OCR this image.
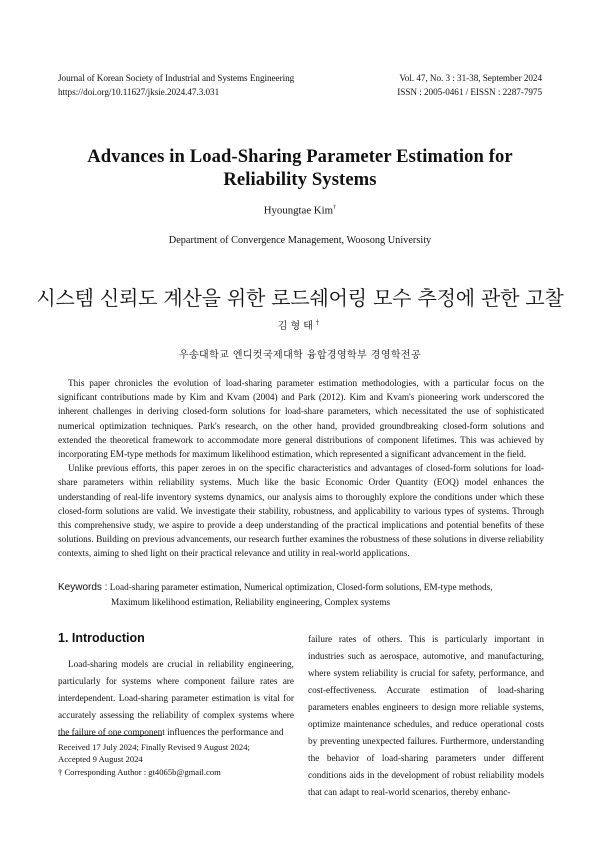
Journal of Korean Society of Industrial and Systems Engineering
https://doi.org/10.11627/jksie.2024.47.3.031
Vol. 47, No. 3 : 31-38, September 2024
ISSN : 2005-0461 / EISSN : 2287-7975
Advances in Load-Sharing Parameter Estimation for
Reliability Systems
Hyoungtae Kim†
Department of Convergence Management, Woosong University
시스템 신뢰도 계산을 위한 로드쉐어링 모수 추정에 관한 고찰
김형태†
우송대학교 엔디컷국제대학 융합경영학부 경영학전공

This paper chronicles the evolution of load-sharing parameter estimation methodologies, with a particular focus on the significant contributions made by Kim and Kvam (2004) and Park (2012). Kim and Kvam's pioneering work underscored the inherent challenges in deriving closed-form solutions for load-share parameters, which necessitated the use of sophisticated numerical optimization techniques. Park's research, on the other hand, provided groundbreaking closed-form solutions and extended the theoretical framework to accommodate more general distributions of component lifetimes. This was achieved by incorporating EM-type methods for maximum likelihood estimation, which represented a significant advancement in the field.

Unlike previous efforts, this paper zeroes in on the specific characteristics and advantages of closed-form solutions for load-share parameters within reliability systems. Much like the basic Economic Order Quantity (EOQ) model enhances the understanding of real-life inventory systems dynamics, our analysis aims to thoroughly explore the conditions under which these closed-form solutions are valid. We investigate their stability, robustness, and applicability to various types of systems. Through this comprehensive study, we aspire to provide a deep understanding of the practical implications and potential benefits of these solutions. Building on previous advancements, our research further examines the robustness of these solutions in diverse reliability contexts, aiming to shed light on their practical relevance and utility in real-world applications.

Keywords : Load-sharing parameter estimation, Numerical optimization, Closed-form solutions, EM-type methods,
Maximum likelihood estimation, Reliability engineering, Complex systems
1. Introduction
Load-sharing models are crucial in reliability engineering, particularly for systems where component failure rates are interdependent. Load-sharing parameter estimation is vital for accurately assessing the reliability of complex systems where the failure of one component influences the performance and
failure rates of others. This is particularly important in industries such as aerospace, automotive, and manufacturing, where system reliability is crucial for safety, performance, and cost-effectiveness. Accurate estimation of load-sharing parameters enables engineers to design more reliable systems, optimize maintenance schedules, and reduce operational costs by preventing unexpected failures. Furthermore, understanding the behavior of load-sharing parameters under different conditions aids in the development of robust reliability models that can adapt to real-world scenarios, thereby enhanc-
Received 17 July 2024; Finally Revised 9 August 2024;
Accepted 9 August 2024
† Corresponding Author : gt4065b@gmail.com
